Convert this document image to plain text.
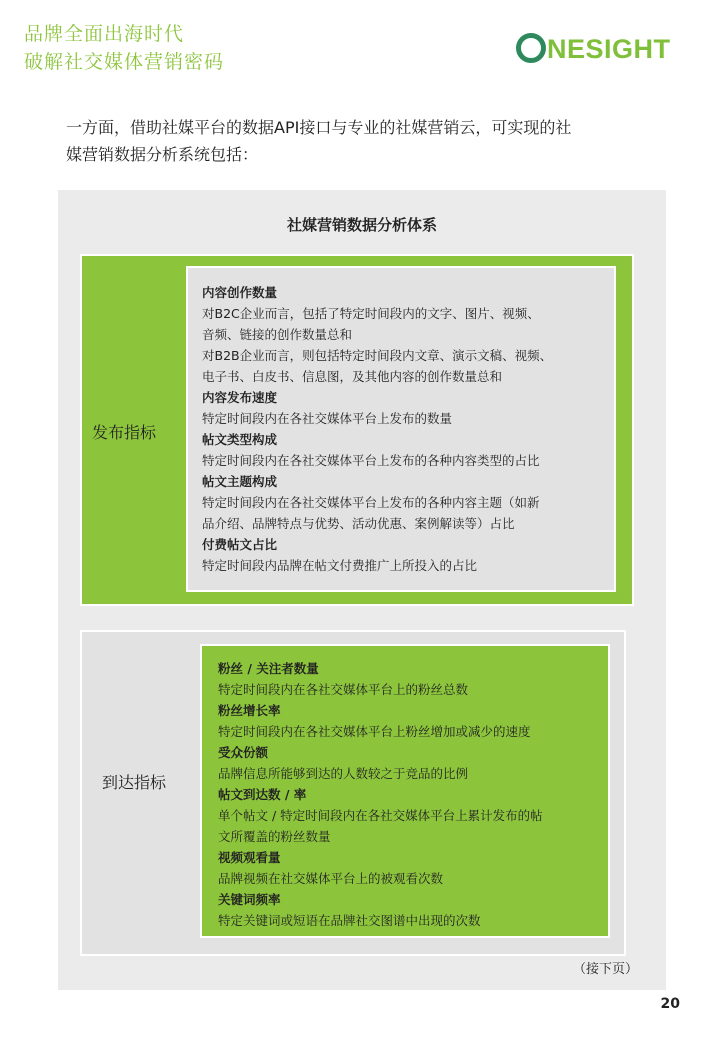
品牌全面出海时代
破解社交媒体营销密码	NESIGHT
一方面，借助社媒平台的数据API接口与专业的社媒营销云，可实现的社
媒营销数据分析系统包括：
社媒营销数据分析体系
发布指标
内容创作数量
对B2C企业而言，包括了特定时间段内的文字、图片、视频、
音频、链接的创作数量总和
对B2B企业而言，则包括特定时间段内文章、演示文稿、视频、
电子书、白皮书、信息图，及其他内容的创作数量总和
内容发布速度
特定时间段内在各社交媒体平台上发布的数量
帖文类型构成
特定时间段内在各社交媒体平台上发布的各种内容类型的占比
帖文主题构成
特定时间段内在各社交媒体平台上发布的各种内容主题（如新
品介绍、品牌特点与优势、活动优惠、案例解读等）占比
付费帖文占比
特定时间段内品牌在帖文付费推广上所投入的占比
到达指标
粉丝 / 关注者数量
特定时间段内在各社交媒体平台上的粉丝总数
粉丝增长率
特定时间段内在各社交媒体平台上粉丝增加或减少的速度
受众份额
品牌信息所能够到达的人数较之于竞品的比例
帖文到达数 / 率
单个帖文 / 特定时间段内在各社交媒体平台上累计发布的帖
文所覆盖的粉丝数量
视频观看量
品牌视频在社交媒体平台上的被观看次数
关键词频率
特定关键词或短语在品牌社交图谱中出现的次数
（接下页）
20
